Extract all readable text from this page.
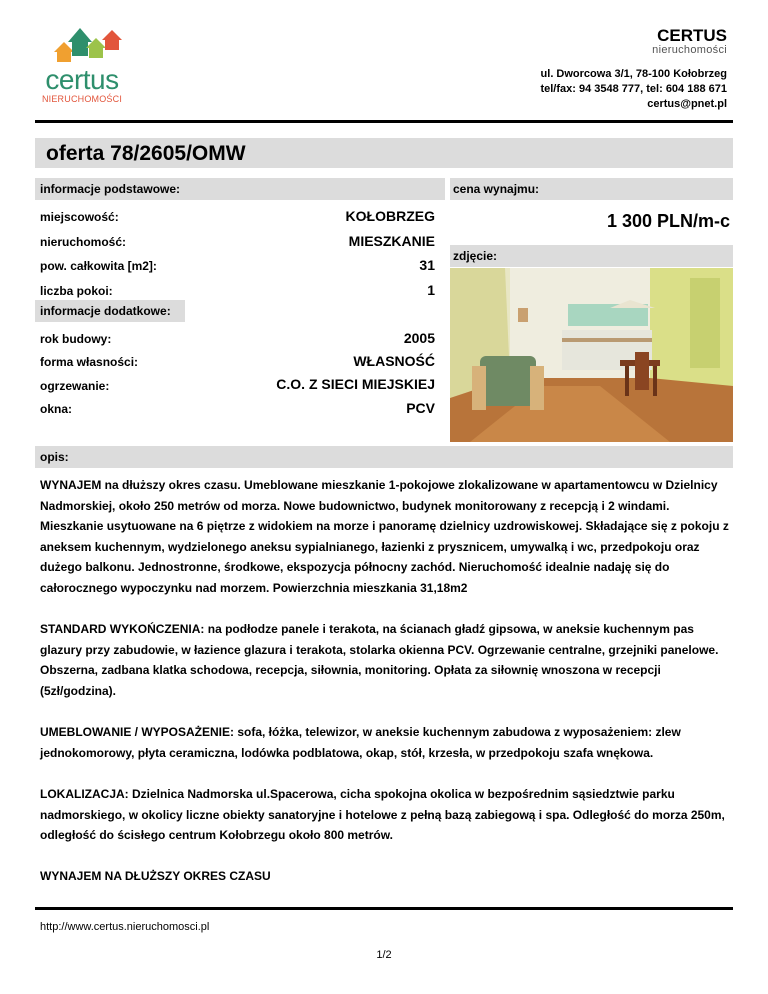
certus
NIERUCHOMOŚCI
CERTUS
nieruchomości
ul. Dworcowa 3/1, 78-100 Kołobrzeg
tel/fax: 94 3548 777, tel: 604 188 671
certus@pnet.pl
oferta 78/2605/OMW
informacje podstawowe:	cena wynajmu:
1 300 PLN/m-c
miejscowość:	KOŁOBRZEG
nieruchomość:	MIESZKANIE
pow. całkowita [m2]:	31
liczba pokoi:	1
zdjęcie:
informacje dodatkowe:
rok budowy:	2005
forma własności:	WŁASNOŚĆ
ogrzewanie:	C.O. Z SIECI MIEJSKIEJ
okna:	PCV
opis:

WYNAJEM na dłuższy okres czasu. Umeblowane mieszkanie 1-pokojowe zlokalizowane w apartamentowcu w Dzielnicy Nadmorskiej, około 250 metrów od morza. Nowe budownictwo, budynek monitorowany z recepcją i 2 windami. Mieszkanie usytuowane na 6 piętrze z widokiem na morze i panoramę dzielnicy uzdrowiskowej. Składające się z pokoju z aneksem kuchennym, wydzielonego aneksu sypialnianego, łazienki z prysznicem, umywalką i wc, przedpokoju oraz dużego balkonu. Jednostronne, środkowe, ekspozycja północny zachód. Nieruchomość idealnie nadaję się do całorocznego wypoczynku nad morzem. Powierzchnia mieszkania 31,18m2

STANDARD WYKOŃCZENIA: na podłodze panele i terakota, na ścianach gładź gipsowa, w aneksie kuchennym pas glazury przy zabudowie, w łazience glazura i terakota, stolarka okienna PCV. Ogrzewanie centralne, grzejniki panelowe. Obszerna, zadbana klatka schodowa, recepcja, siłownia, monitoring. Opłata za siłownię wnoszona w recepcji (5zł/godzina).

UMEBLOWANIE / WYPOSAŻENIE: sofa, łóżka, telewizor, w aneksie kuchennym zabudowa z wyposażeniem: zlew jednokomorowy, płyta ceramiczna, lodówka podblatowa, okap, stół, krzesła, w przedpokoju szafa wnękowa.

LOKALIZACJA: Dzielnica Nadmorska ul.Spacerowa, cicha spokojna okolica w bezpośrednim sąsiedztwie parku nadmorskiego, w okolicy liczne obiekty sanatoryjne i hotelowe z pełną bazą zabiegową i spa. Odległość do morza 250m, odległość do ścisłego centrum Kołobrzegu około 800 metrów.

WYNAJEM NA DŁUŻSZY OKRES CZASU

http://www.certus.nieruchomosci.pl
1/2
